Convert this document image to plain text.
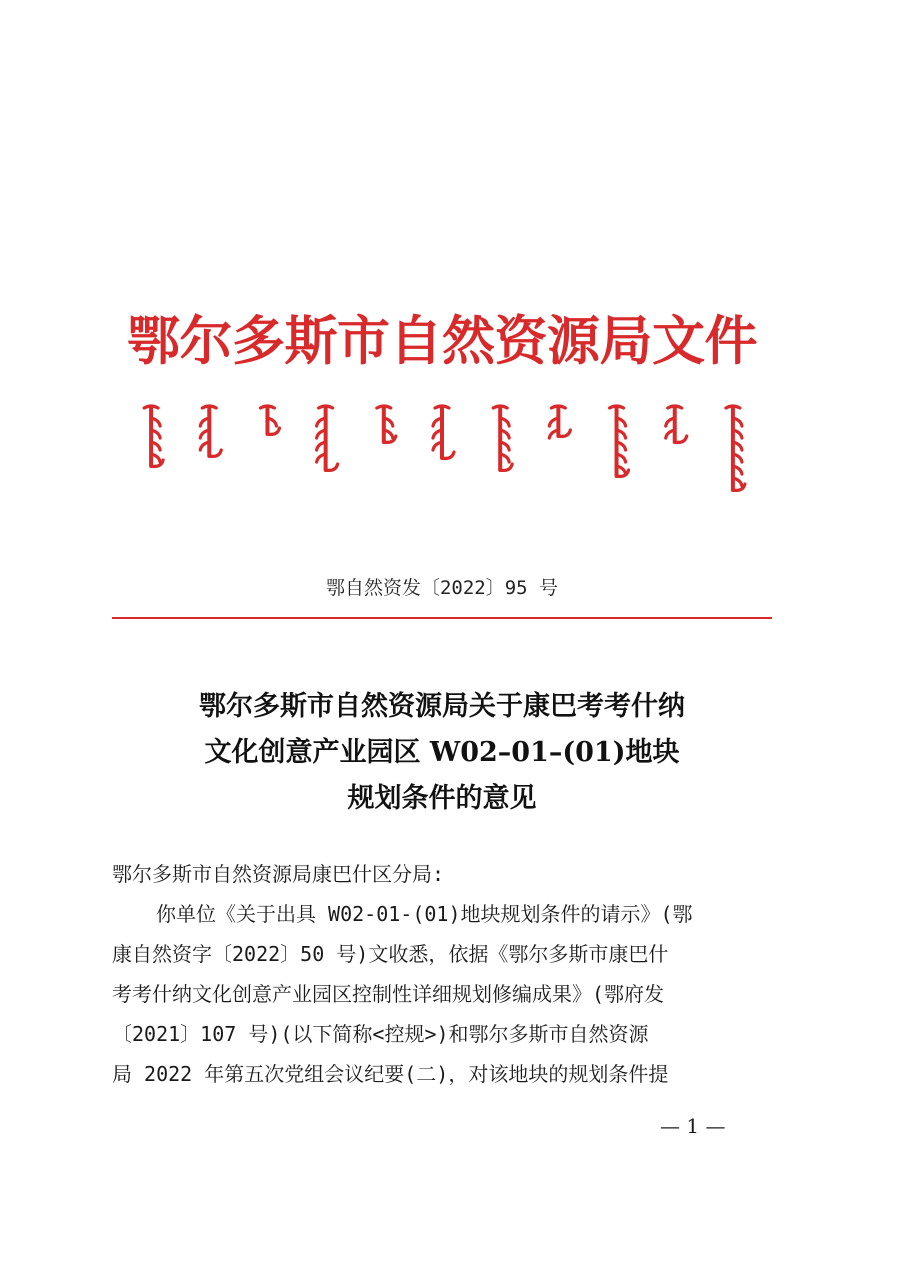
鄂尔多斯市自然资源局文件
鄂自然资发〔2022〕95 号
鄂尔多斯市自然资源局关于康巴考考什纳
文化创意产业园区 W02–01–(01)地块
规划条件的意见
鄂尔多斯市自然资源局康巴什区分局:
你单位《关于出具 W02-01-(01)地块规划条件的请示》(鄂
康自然资字〔2022〕50 号)文收悉，依据《鄂尔多斯市康巴什
考考什纳文化创意产业园区控制性详细规划修编成果》(鄂府发
〔2021〕107 号)(以下简称<控规>)和鄂尔多斯市自然资源
局 2022 年第五次党组会议纪要(二)，对该地块的规划条件提
— 1 —
